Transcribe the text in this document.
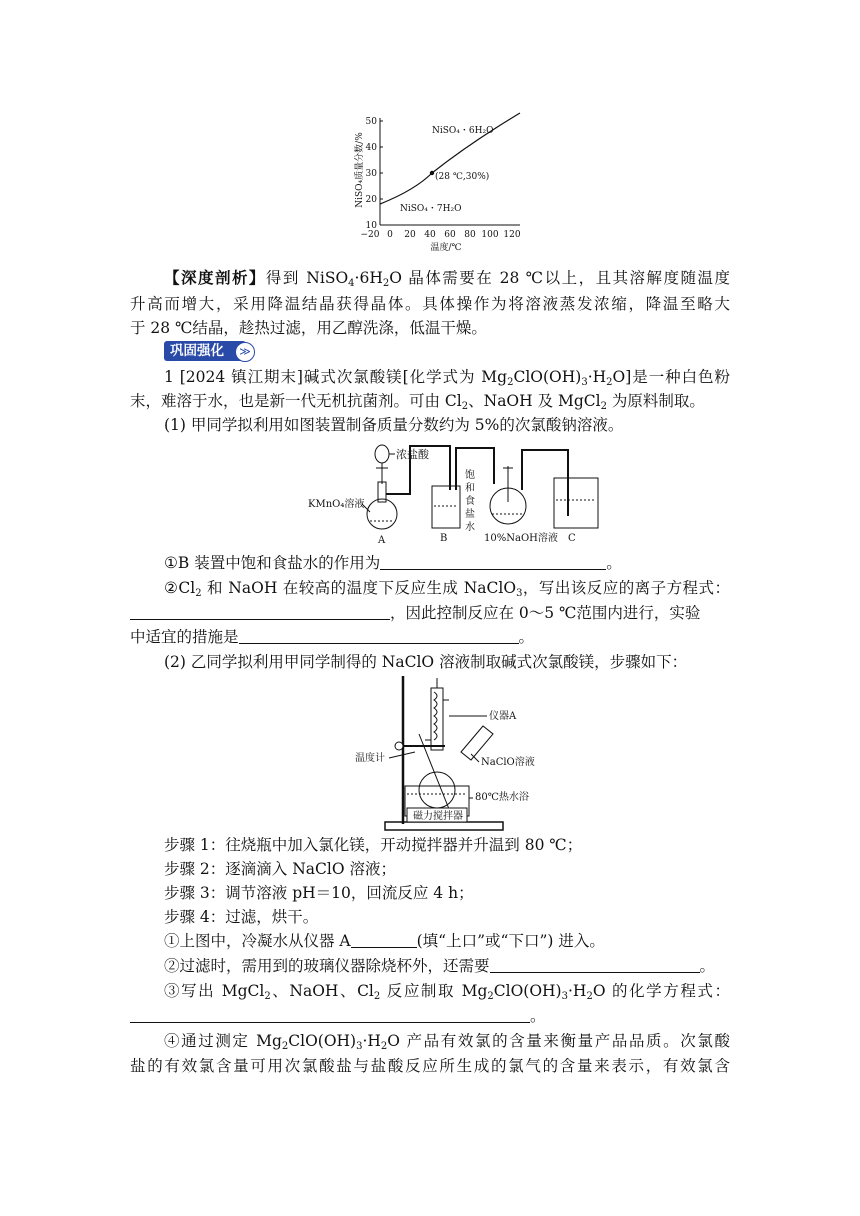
NiSO₄质量分数/%
50
40
30
20
10
−20 0 20 40 60 80 100 120
(28 ℃,30%)
NiSO₄・6H₂O
NiSO₄・7H₂O
温度/℃
【深度剖析】得到 $NiSO_4\cdot 6H_2O$ 晶体需要在 28 ℃以上，且其溶解度随温度
升高而增大，采用降温结晶获得晶体。具体操作为将溶液蒸发浓缩，降温至略大
于 28 ℃结晶，趁热过滤，用乙醇洗涤，低温干燥。
巩固强化	≫
1 [2024 镇江期末]碱式次氯酸镁[化学式为 $Mg_2ClO(OH)_3\cdot H_2O$]是一种白色粉
末，难溶于水，也是新一代无机抗菌剂。可由 $Cl_2$、NaOH 及 MgCl$_2$ 为原料制取。
(1) 甲同学拟利用如图装置制备质量分数约为 5%的次氯酸钠溶液。
浓盐酸
KMnO₄溶液
A	B
饱
和
食
盐
水
10%NaOH溶液 C
①B 装置中饱和食盐水的作用为	。
$②Cl_2$ 和 NaOH 在较高的温度下反应生成 NaClO$_3$，写出该反应的离子方程式：
，因此控制反应在 0～5 ℃范围内进行，实验
中适宜的措施是	。
(2) 乙同学拟利用甲同学制得的 NaClO 溶液制取碱式次氯酸镁，步骤如下：
仪器A
温度计	NaClO溶液
80℃热水浴
磁力搅拌器
步骤 1：往烧瓶中加入氯化镁，开动搅拌器并升温到 80 ℃；
步骤 2：逐滴滴入 NaClO 溶液；
步骤 3：调节溶液 pH＝10，回流反应 4 h；
步骤 4：过滤，烘干。
①上图中，冷凝水从仪器 A	(填“上口”或“下口”) 进入。
②过滤时，需用到的玻璃仪器除烧杯外，还需要	。
③写出 MgCl$_2$、NaOH、$Cl_2$ 反应制取 $Mg_2ClO(OH)_3\cdot H_2O$ 的化学方程式：
。
④通过测定 $Mg_2ClO(OH)_3\cdot H_2O$ 产品有效氯的含量来衡量产品品质。次氯酸
盐的有效氯含量可用次氯酸盐与盐酸反应所生成的氯气的含量来表示，有效氯含
